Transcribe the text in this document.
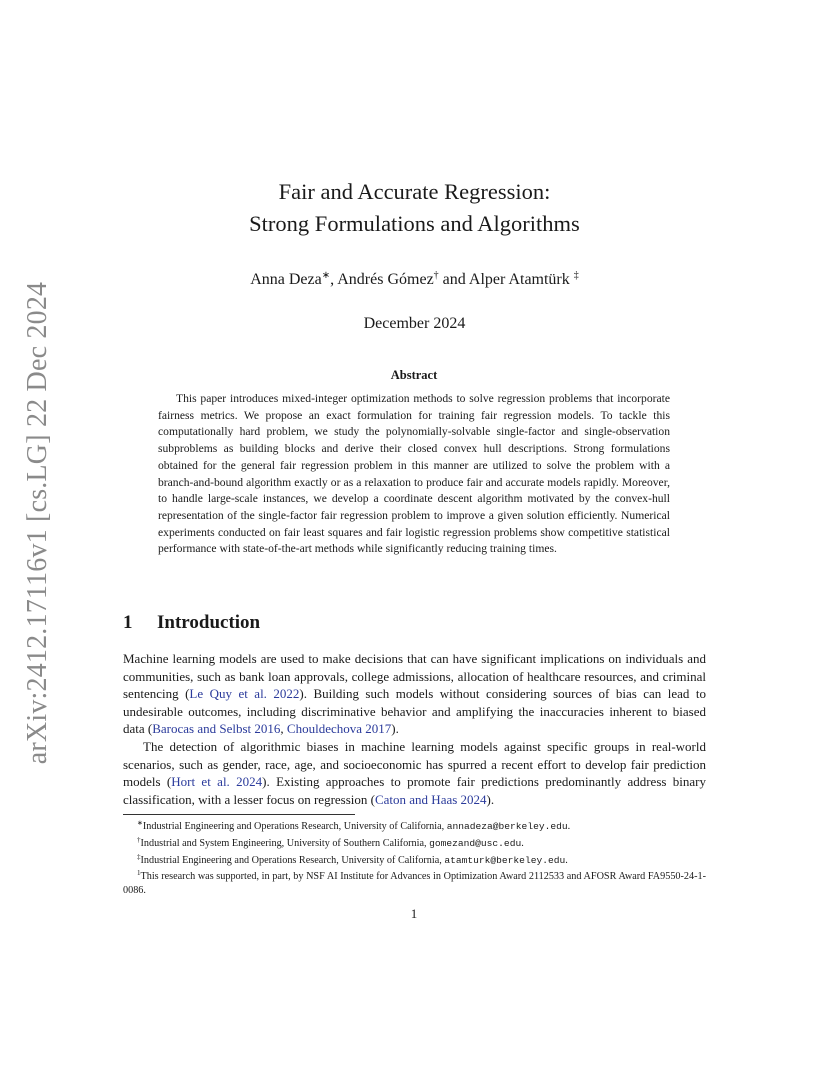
arXiv:2412.17116v1 [cs.LG] 22 Dec 2024
Fair and Accurate Regression:
Strong Formulations and Algorithms
Anna Deza∗, Andrés Gómez† and Alper Atamtürk ‡
December 2024
Abstract

This paper introduces mixed-integer optimization methods to solve regression problems that incorporate fairness metrics. We propose an exact formulation for training fair regression models. To tackle this computationally hard problem, we study the polynomially-solvable single-factor and single-observation subproblems as building blocks and derive their closed convex hull descriptions. Strong formulations obtained for the general fair regression problem in this manner are utilized to solve the problem with a branch-and-bound algorithm exactly or as a relaxation to produce fair and accurate models rapidly. Moreover, to handle large-scale instances, we develop a coordinate descent algorithm motivated by the convex-hull representation of the single-factor fair regression problem to improve a given solution efficiently. Numerical experiments conducted on fair least squares and fair logistic regression problems show competitive statistical performance with state-of-the-art methods while significantly reducing training times.

1 Introduction

Machine learning models are used to make decisions that can have significant implications on individuals and communities, such as bank loan approvals, college admissions, allocation of healthcare resources, and criminal sentencing (Le Quy et al. 2022). Building such models without considering sources of bias can lead to undesirable outcomes, including discriminative behavior and amplifying the inaccuracies inherent to biased data (Barocas and Selbst 2016, Chouldechova 2017).

The detection of algorithmic biases in machine learning models against specific groups in real-world scenarios, such as gender, race, age, and socioeconomic has spurred a recent effort to develop fair prediction models (Hort et al. 2024). Existing approaches to promote fair predictions predominantly address binary classification, with a lesser focus on regression (Caton and Haas 2024).

∗Industrial Engineering and Operations Research, University of California, annadeza@berkeley.edu.

†Industrial and System Engineering, University of Southern California, gomezand@usc.edu.

‡Industrial Engineering and Operations Research, University of California, atamturk@berkeley.edu.

$^1$This research was supported, in part, by NSF AI Institute for Advances in Optimization Award 2112533 and AFOSR Award FA9550-24-1-0086.

1
